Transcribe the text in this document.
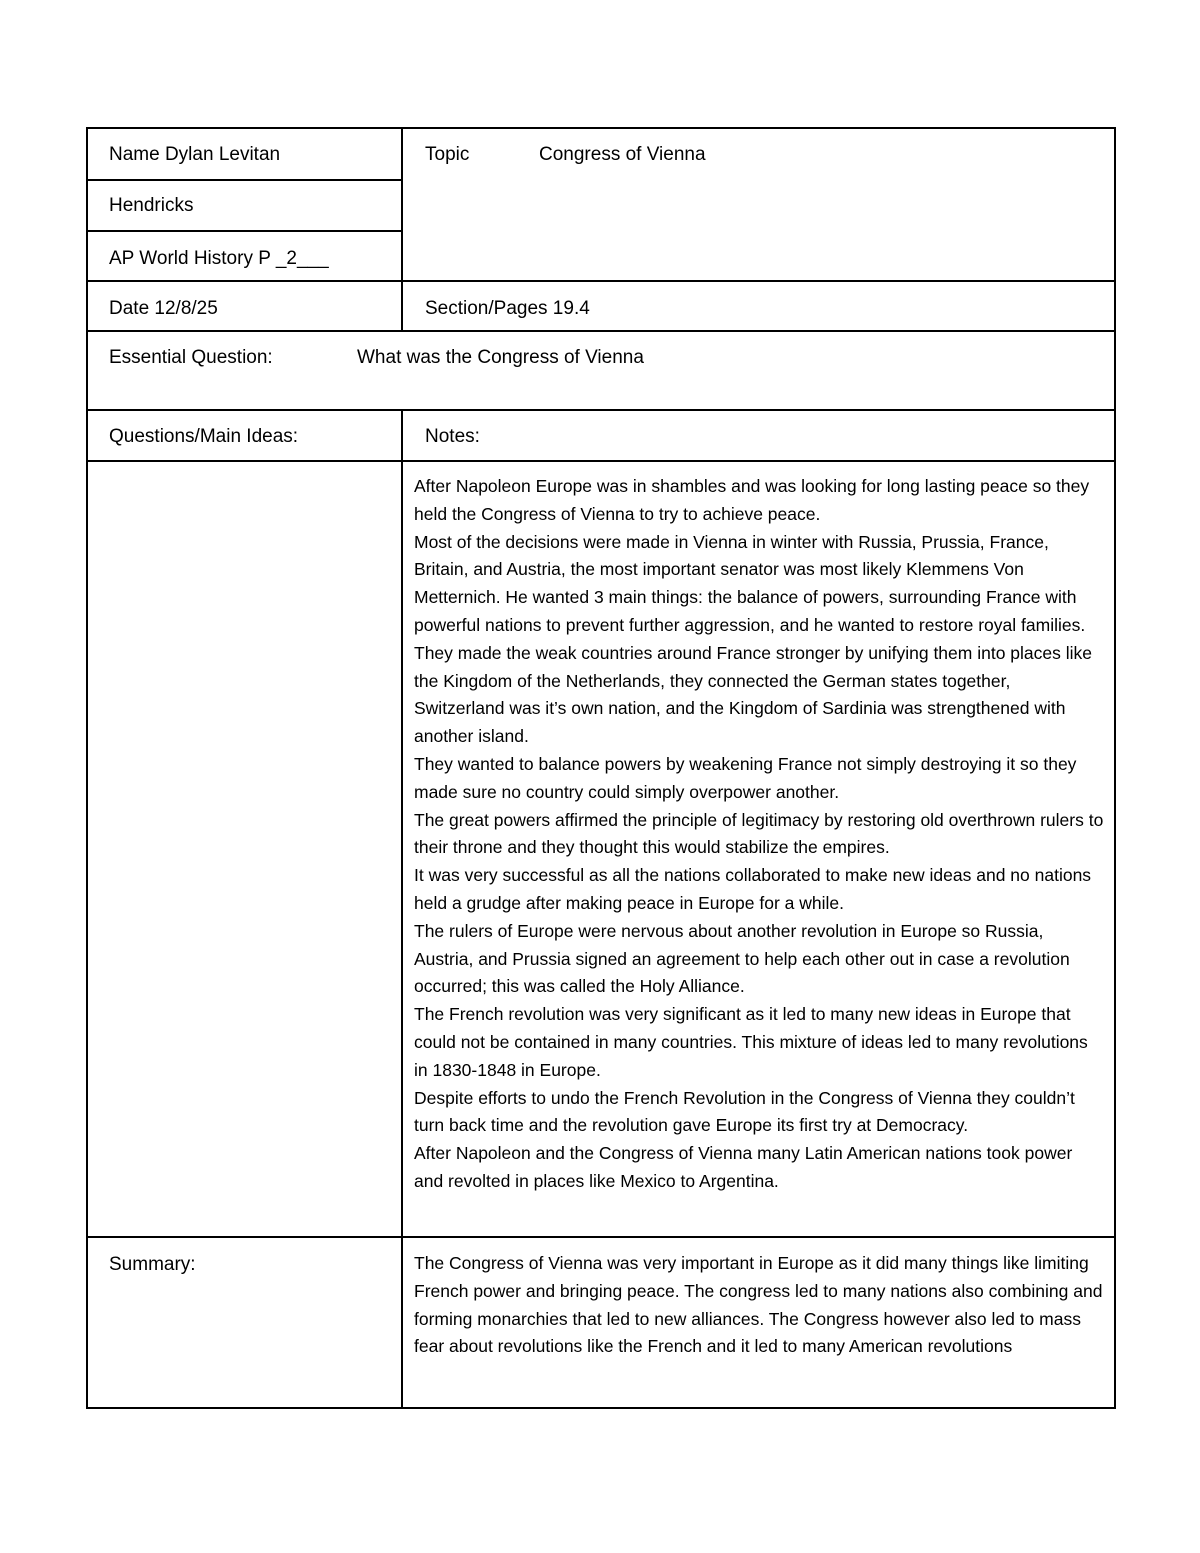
Name Dylan Levitan
Hendricks
AP World History P _2___
Topic	Congress of Vienna
Date 12/8/25	Section/Pages 19.4
Essential Question:	What was the Congress of Vienna
Questions/Main Ideas:	Notes:

After Napoleon Europe was in shambles and was looking for long lasting peace so they held the Congress of Vienna to try to achieve peace.

Most of the decisions were made in Vienna in winter with Russia, Prussia, France, Britain, and Austria, the most important senator was most likely Klemmens Von Metternich. He wanted 3 main things: the balance of powers, surrounding France with powerful nations to prevent further aggression, and he wanted to restore royal families.

They made the weak countries around France stronger by unifying them into places like the Kingdom of the Netherlands, they connected the German states together, Switzerland was it’s own nation, and the Kingdom of Sardinia was strengthened with another island.

They wanted to balance powers by weakening France not simply destroying it so they made sure no country could simply overpower another.

The great powers affirmed the principle of legitimacy by restoring old overthrown rulers to their throne and they thought this would stabilize the empires.

It was very successful as all the nations collaborated to make new ideas and no nations held a grudge after making peace in Europe for a while.

The rulers of Europe were nervous about another revolution in Europe so Russia, Austria, and Prussia signed an agreement to help each other out in case a revolution occurred; this was called the Holy Alliance.

The French revolution was very significant as it led to many new ideas in Europe that could not be contained in many countries. This mixture of ideas led to many revolutions in 1830-1848 in Europe.

Despite efforts to undo the French Revolution in the Congress of Vienna they couldn’t turn back time and the revolution gave Europe its first try at Democracy.

After Napoleon and the Congress of Vienna many Latin American nations took power and revolted in places like Mexico to Argentina.

Summary:	The Congress of Vienna was very important in Europe as it did many things like limiting French power and bringing peace. The congress led to many nations also combining and forming monarchies that led to new alliances. The Congress however also led to mass fear about revolutions like the French and it led to many American revolutions
